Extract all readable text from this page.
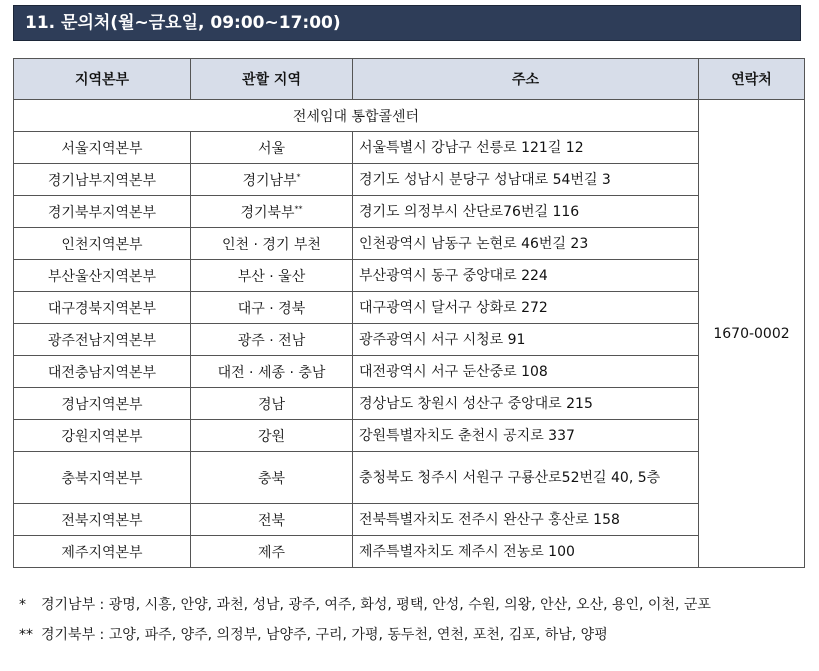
11. 문의처(월~금요일, 09:00~17:00)
지역본부	관할 지역	주소	연락처
전세임대 통합콜센터			1670-0002
서울지역본부	서울	서울특별시 강남구 선릉로 121길 12	
경기남부지역본부	경기남부*	경기도 성남시 분당구 성남대로 54번길 3	
경기북부지역본부	경기북부**	경기도 의정부시 산단로76번길 116	
인천지역본부	인천 · 경기 부천	인천광역시 남동구 논현로 46번길 23	
부산울산지역본부	부산 · 울산	부산광역시 동구 중앙대로 224	
대구경북지역본부	대구 · 경북	대구광역시 달서구 상화로 272	
광주전남지역본부	광주 · 전남	광주광역시 서구 시청로 91	
대전충남지역본부	대전 · 세종 · 충남	대전광역시 서구 둔산중로 108	
경남지역본부	경남	경상남도 창원시 성산구 중앙대로 215	
강원지역본부	강원	강원특별자치도 춘천시 공지로 337	
충북지역본부	충북	충청북도 청주시 서원구 구룡산로52번길 40, 5층	
전북지역본부	전북	전북특별자치도 전주시 완산구 홍산로 158	
제주지역본부	제주	제주특별자치도 제주시 전농로 100	
* 경기남부 : 광명, 시흥, 안양, 과천, 성남, 광주, 여주, 화성, 평택, 안성, 수원, 의왕, 안산, 오산, 용인, 이천, 군포
** 경기북부 : 고양, 파주, 양주, 의정부, 남양주, 구리, 가평, 동두천, 연천, 포천, 김포, 하남, 양평
